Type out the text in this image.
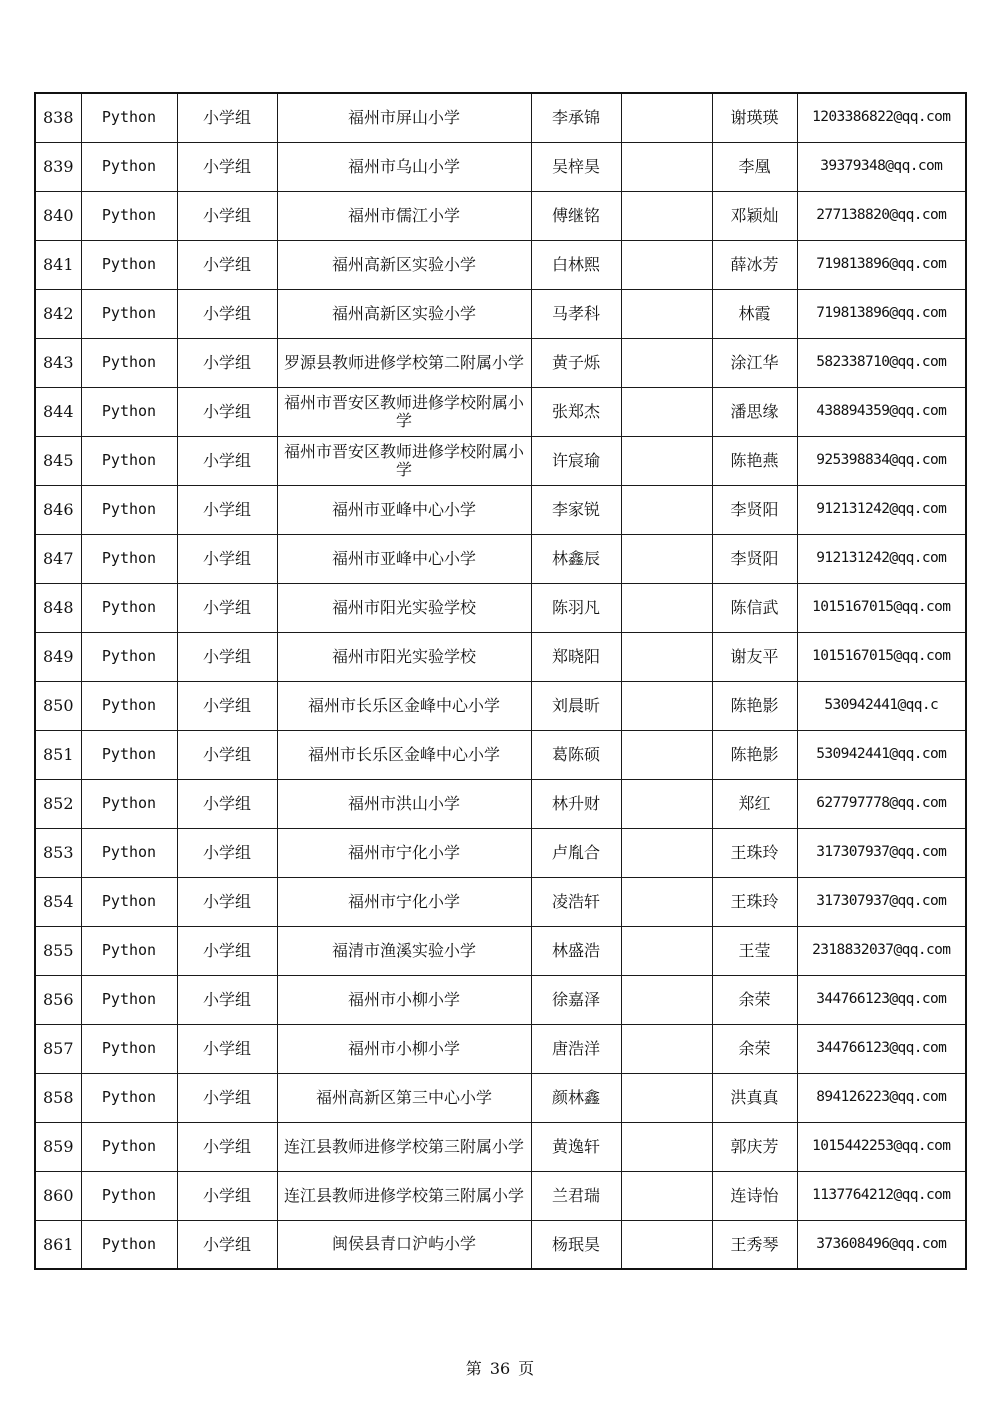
838	Python	小学组	福州市屏山小学	李承锦		谢瑛瑛	1203386822@qq.com
839	Python	小学组	福州市乌山小学	吴梓昊		李凰	39379348@qq.com
840	Python	小学组	福州市儒江小学	傅继铭		邓颖灿	277138820@qq.com
841	Python	小学组	福州高新区实验小学	白林熙		薛冰芳	719813896@qq.com
842	Python	小学组	福州高新区实验小学	马孝科		林霞	719813896@qq.com
843	Python	小学组	罗源县教师进修学校第二附属小学	黄子烁		涂江华	582338710@qq.com
844	Python	小学组	福州市晋安区教师进修学校附属小学	张郑杰		潘思缘	438894359@qq.com
845	Python	小学组	福州市晋安区教师进修学校附属小学	许宸瑜		陈艳燕	925398834@qq.com
846	Python	小学组	福州市亚峰中心小学	李家锐		李贤阳	912131242@qq.com
847	Python	小学组	福州市亚峰中心小学	林鑫辰		李贤阳	912131242@qq.com
848	Python	小学组	福州市阳光实验学校	陈羽凡		陈信武	1015167015@qq.com
849	Python	小学组	福州市阳光实验学校	郑晓阳		谢友平	1015167015@qq.com
850	Python	小学组	福州市长乐区金峰中心小学	刘晨昕		陈艳影	530942441@qq.c
851	Python	小学组	福州市长乐区金峰中心小学	葛陈硕		陈艳影	530942441@qq.com
852	Python	小学组	福州市洪山小学	林升财		郑红	627797778@qq.com
853	Python	小学组	福州市宁化小学	卢胤合		王珠玲	317307937@qq.com
854	Python	小学组	福州市宁化小学	凌浩轩		王珠玲	317307937@qq.com
855	Python	小学组	福清市渔溪实验小学	林盛浩		王莹	2318832037@qq.com
856	Python	小学组	福州市小柳小学	徐嘉泽		余荣	344766123@qq.com
857	Python	小学组	福州市小柳小学	唐浩洋		余荣	344766123@qq.com
858	Python	小学组	福州高新区第三中心小学	颜林鑫		洪真真	894126223@qq.com
859	Python	小学组	连江县教师进修学校第三附属小学	黄逸轩		郭庆芳	1015442253@qq.com
860	Python	小学组	连江县教师进修学校第三附属小学	兰君瑞		连诗怡	1137764212@qq.com
861	Python	小学组	闽侯县青口沪屿小学	杨珉昊		王秀琴	373608496@qq.com
第 36 页
